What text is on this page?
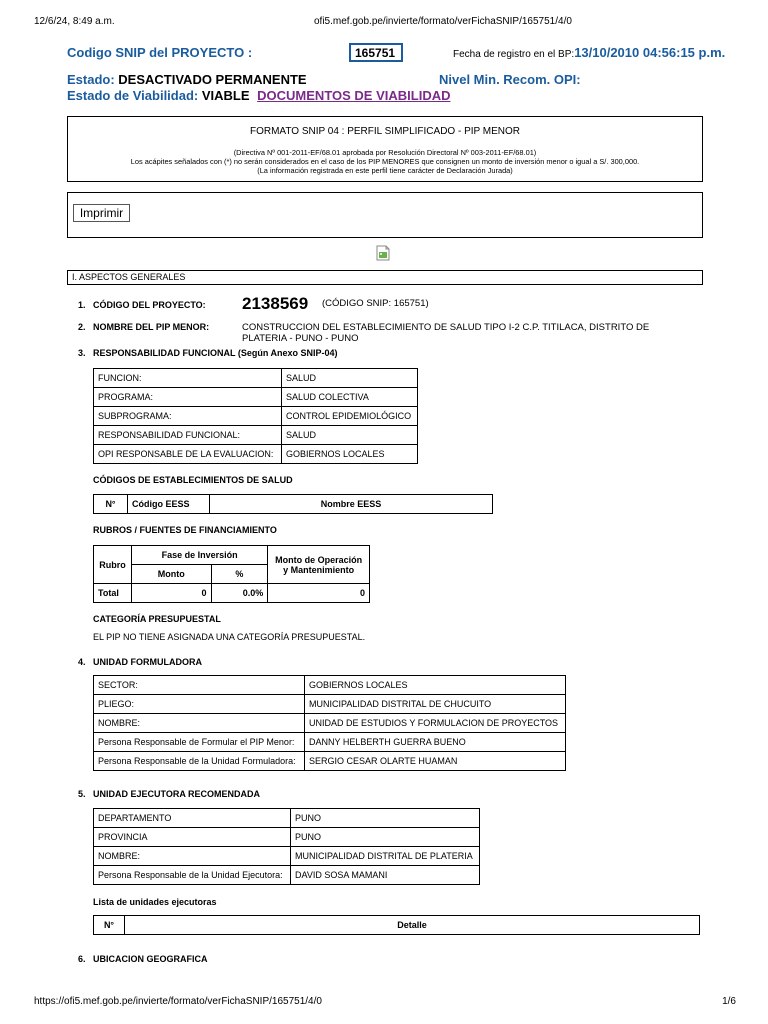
12/6/24, 8:49 a.m.	ofi5.mef.gob.pe/invierte/formato/verFichaSNIP/165751/4/0
Codigo SNIP del PROYECTO :	165751	Fecha de registro en el BP:13/10/2010 04:56:15 p.m.
Estado: DESACTIVADO PERMANENTE	Nivel Min. Recom. OPI:
Estado de Viabilidad: VIABLE DOCUMENTOS DE VIABILIDAD
FORMATO SNIP 04 : PERFIL SIMPLIFICADO - PIP MENOR
(Directiva Nº 001-2011-EF/68.01 aprobada por Resolución Directoral Nº 003-2011-EF/68.01)
Los acápites señalados con (*) no serán considerados en el caso de los PIP MENORES que consignen un monto de inversión menor o igual a S/. 300,000.
(La información registrada en este perfil tiene carácter de Declaración Jurada)
Imprimir
I. ASPECTOS GENERALES
1. CÓDIGO DEL PROYECTO: 2138569 (CÓDIGO SNIP: 165751)
2. NOMBRE DEL PIP MENOR:	CONSTRUCCION DEL ESTABLECIMIENTO DE SALUD TIPO I-2 C.P. TITILACA, DISTRITO DE PLATERIA - PUNO - PUNO
3. RESPONSABILIDAD FUNCIONAL (Según Anexo SNIP-04)
FUNCION:	SALUD
PROGRAMA:	SALUD COLECTIVA
SUBPROGRAMA:	CONTROL EPIDEMIOLÓGICO
RESPONSABILIDAD FUNCIONAL:	SALUD
OPI RESPONSABLE DE LA EVALUACION:	GOBIERNOS LOCALES
CÓDIGOS DE ESTABLECIMIENTOS DE SALUD
N°	Código EESS	Nombre EESS
RUBROS / FUENTES DE FINANCIAMIENTO
Rubro	Fase de Inversión		Monto de Operación y Mantenimiento
	Monto	%	
Total	0	0.0%	0
CATEGORÍA PRESUPUESTAL
EL PIP NO TIENE ASIGNADA UNA CATEGORÍA PRESUPUESTAL.
4. UNIDAD FORMULADORA
SECTOR:	GOBIERNOS LOCALES
PLIEGO:	MUNICIPALIDAD DISTRITAL DE CHUCUITO
NOMBRE:	UNIDAD DE ESTUDIOS Y FORMULACION DE PROYECTOS
Persona Responsable de Formular el PIP Menor:	DANNY HELBERTH GUERRA BUENO
Persona Responsable de la Unidad Formuladora:	SERGIO CESAR OLARTE HUAMAN
5. UNIDAD EJECUTORA RECOMENDADA
DEPARTAMENTO	PUNO
PROVINCIA	PUNO
NOMBRE:	MUNICIPALIDAD DISTRITAL DE PLATERIA
Persona Responsable de la Unidad Ejecutora:	DAVID SOSA MAMANI
Lista de unidades ejecutoras
N°	Detalle
6. UBICACION GEOGRAFICA
https://ofi5.mef.gob.pe/invierte/formato/verFichaSNIP/165751/4/0	1/6
